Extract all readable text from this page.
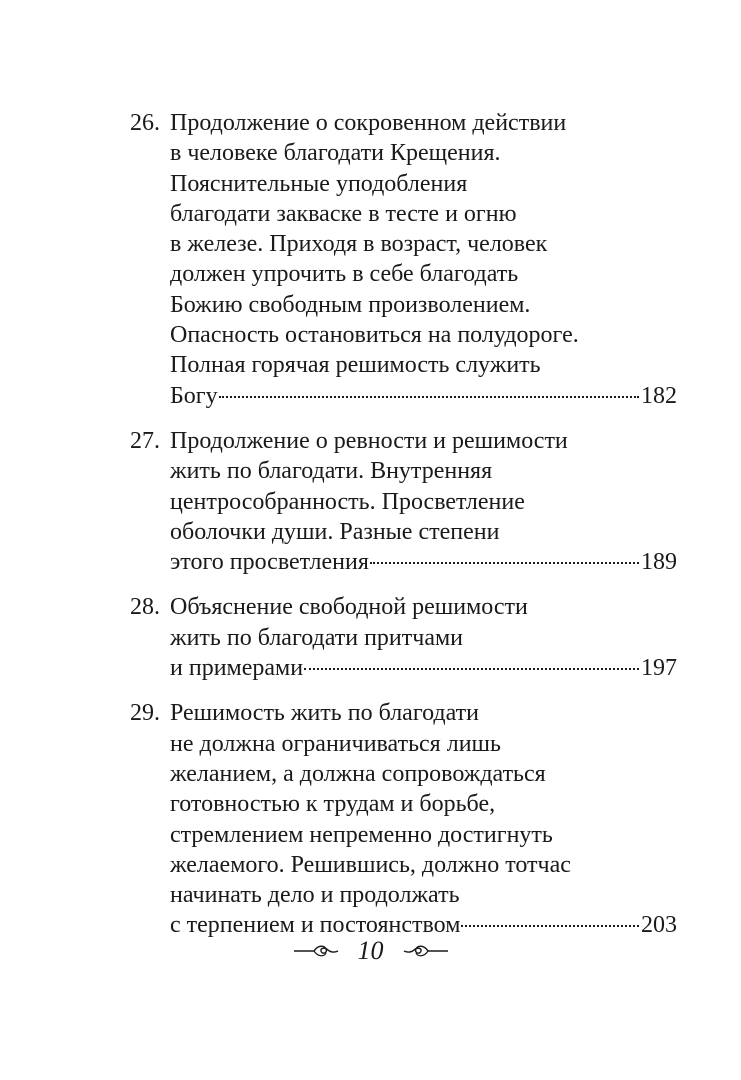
26. Продолжение о сокровенном действии
в человеке благодати Крещения.
Пояснительные уподобления
благодати закваске в тесте и огню
в железе. Приходя в возраст, человек
должен упрочить в себе благодать
Божию свободным произволением.
Опасность остановиться на полудороге.
Полная горячая решимость служить
Богу	182
27. Продолжение о ревности и решимости
жить по благодати. Внутренняя
центрособранность. Просветление
оболочки души. Разные степени
этого просветления	189
28. Объяснение свободной решимости
жить по благодати притчами
и примерами	197
29. Решимость жить по благодати
не должна ограничиваться лишь
желанием, а должна сопровождаться
готовностью к трудам и борьбе,
стремлением непременно достигнуть
желаемого. Решившись, должно тотчас
начинать дело и продолжать
с терпением и постоянством	203
10
